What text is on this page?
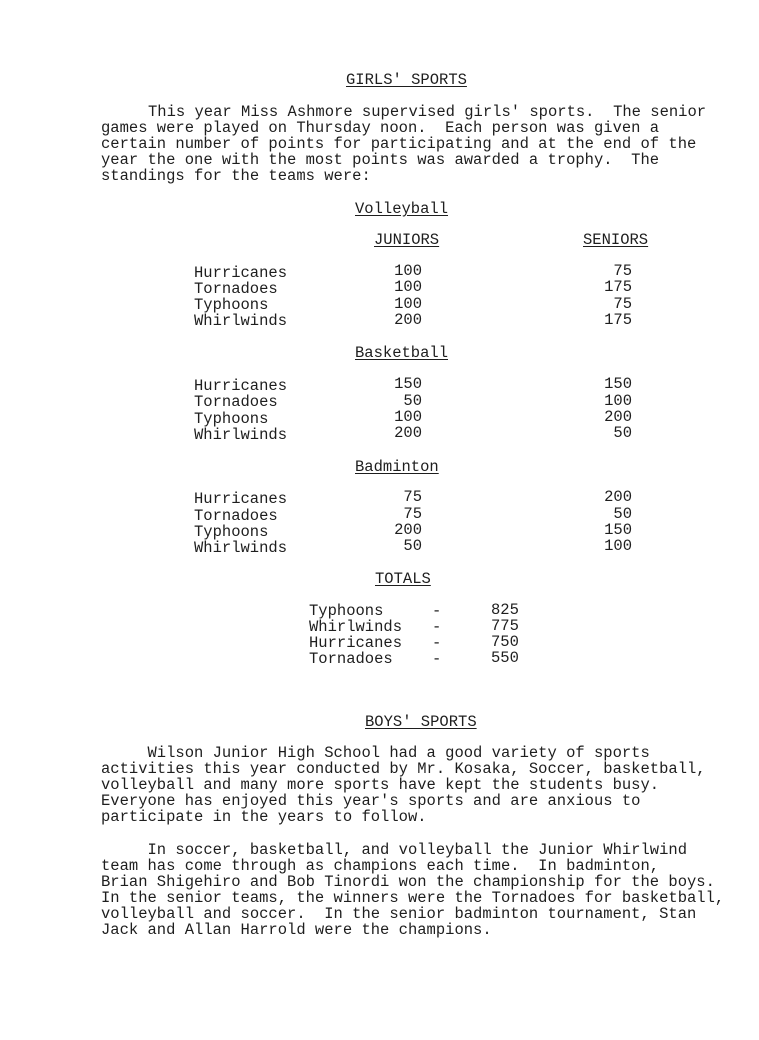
GIRLS' SPORTS
This year Miss Ashmore supervised girls' sports.  The senior
games were played on Thursday noon.  Each person was given a
certain number of points for participating and at the end of the
year the one with the most points was awarded a trophy.  The
standings for the teams were:
Volleyball
JUNIORS	SENIORS
Hurricanes	100	75
Tornadoes	100	175
Typhoons	100	75
Whirlwinds	200	175
Basketball
Hurricanes	150	150
Tornadoes	50	100
Typhoons	100	200
Whirlwinds	200	50
Badminton
Hurricanes	75	200
Tornadoes	75	50
Typhoons	200	150
Whirlwinds	50	100
TOTALS
Typhoons	-	825
Whirlwinds -	775
Hurricanes -	750
Tornadoes	-	550
BOYS' SPORTS
Wilson Junior High School had a good variety of sports
activities this year conducted by Mr. Kosaka, Soccer, basketball,
volleyball and many more sports have kept the students busy.
Everyone has enjoyed this year's sports and are anxious to
participate in the years to follow.
In soccer, basketball, and volleyball the Junior Whirlwind
team has come through as champions each time.  In badminton,
Brian Shigehiro and Bob Tinordi won the championship for the boys.
In the senior teams, the winners were the Tornadoes for basketball,
volleyball and soccer.  In the senior badminton tournament, Stan
Jack and Allan Harrold were the champions.
